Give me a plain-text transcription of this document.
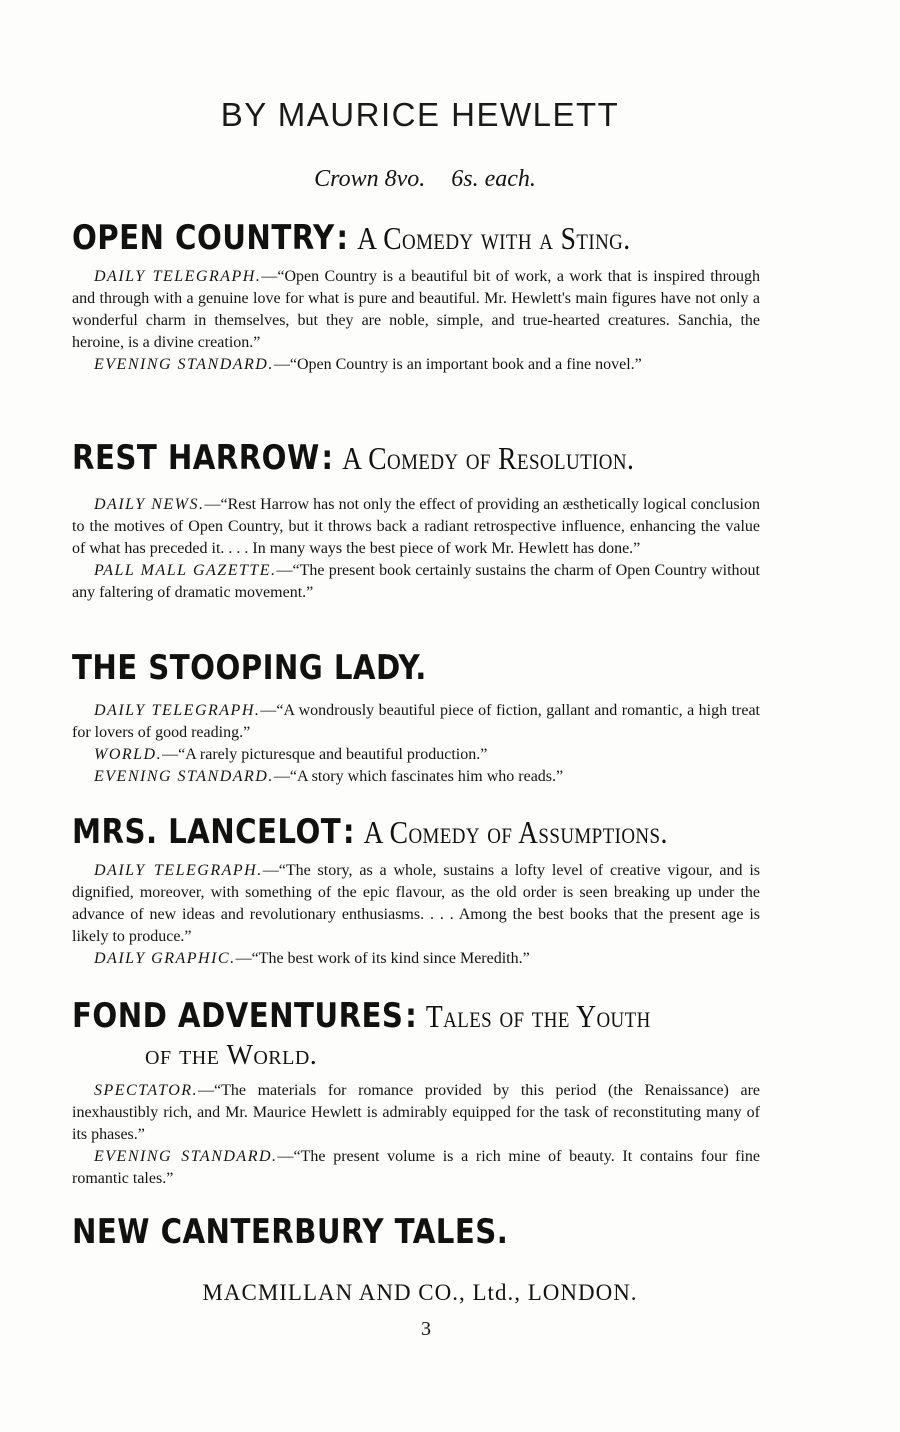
BY MAURICE HEWLETT
Crown 8vo. 6s. each.
OPEN COUNTRY: A Comedy with a Sting.

DAILY TELEGRAPH.—“Open Country is a beautiful bit of work, a work that is inspired through and through with a genuine love for what is pure and beautiful. Mr. Hewlett's main figures have not only a wonderful charm in themselves, but they are noble, simple, and true-hearted creatures. Sanchia, the heroine, is a divine creation.”

EVENING STANDARD.—“Open Country is an important book and a fine novel.”

REST HARROW: A Comedy of Resolution.

DAILY NEWS.—“Rest Harrow has not only the effect of providing an æsthetically logical conclusion to the motives of Open Country, but it throws back a radiant retrospective influence, enhancing the value of what has preceded it. . . . In many ways the best piece of work Mr. Hewlett has done.”

PALL MALL GAZETTE.—“The present book certainly sustains the charm of Open Country without any faltering of dramatic movement.”

THE STOOPING LADY.

DAILY TELEGRAPH.—“A wondrously beautiful piece of fiction, gallant and romantic, a high treat for lovers of good reading.”

WORLD.—“A rarely picturesque and beautiful production.”

EVENING STANDARD.—“A story which fascinates him who reads.”

MRS. LANCELOT: A Comedy of Assumptions.

DAILY TELEGRAPH.—“The story, as a whole, sustains a lofty level of creative vigour, and is dignified, moreover, with something of the epic flavour, as the old order is seen breaking up under the advance of new ideas and revolutionary enthusiasms. . . . Among the best books that the present age is likely to produce.”

DAILY GRAPHIC.—“The best work of its kind since Meredith.”

FOND ADVENTURES: Tales of the Youth
of the World.

SPECTATOR.—“The materials for romance provided by this period (the Renaissance) are inexhaustibly rich, and Mr. Maurice Hewlett is admirably equipped for the task of reconstituting many of its phases.”

EVENING STANDARD.—“The present volume is a rich mine of beauty. It contains four fine romantic tales.”

NEW CANTERBURY TALES.
MACMILLAN AND CO., Ltd., LONDON.
3
